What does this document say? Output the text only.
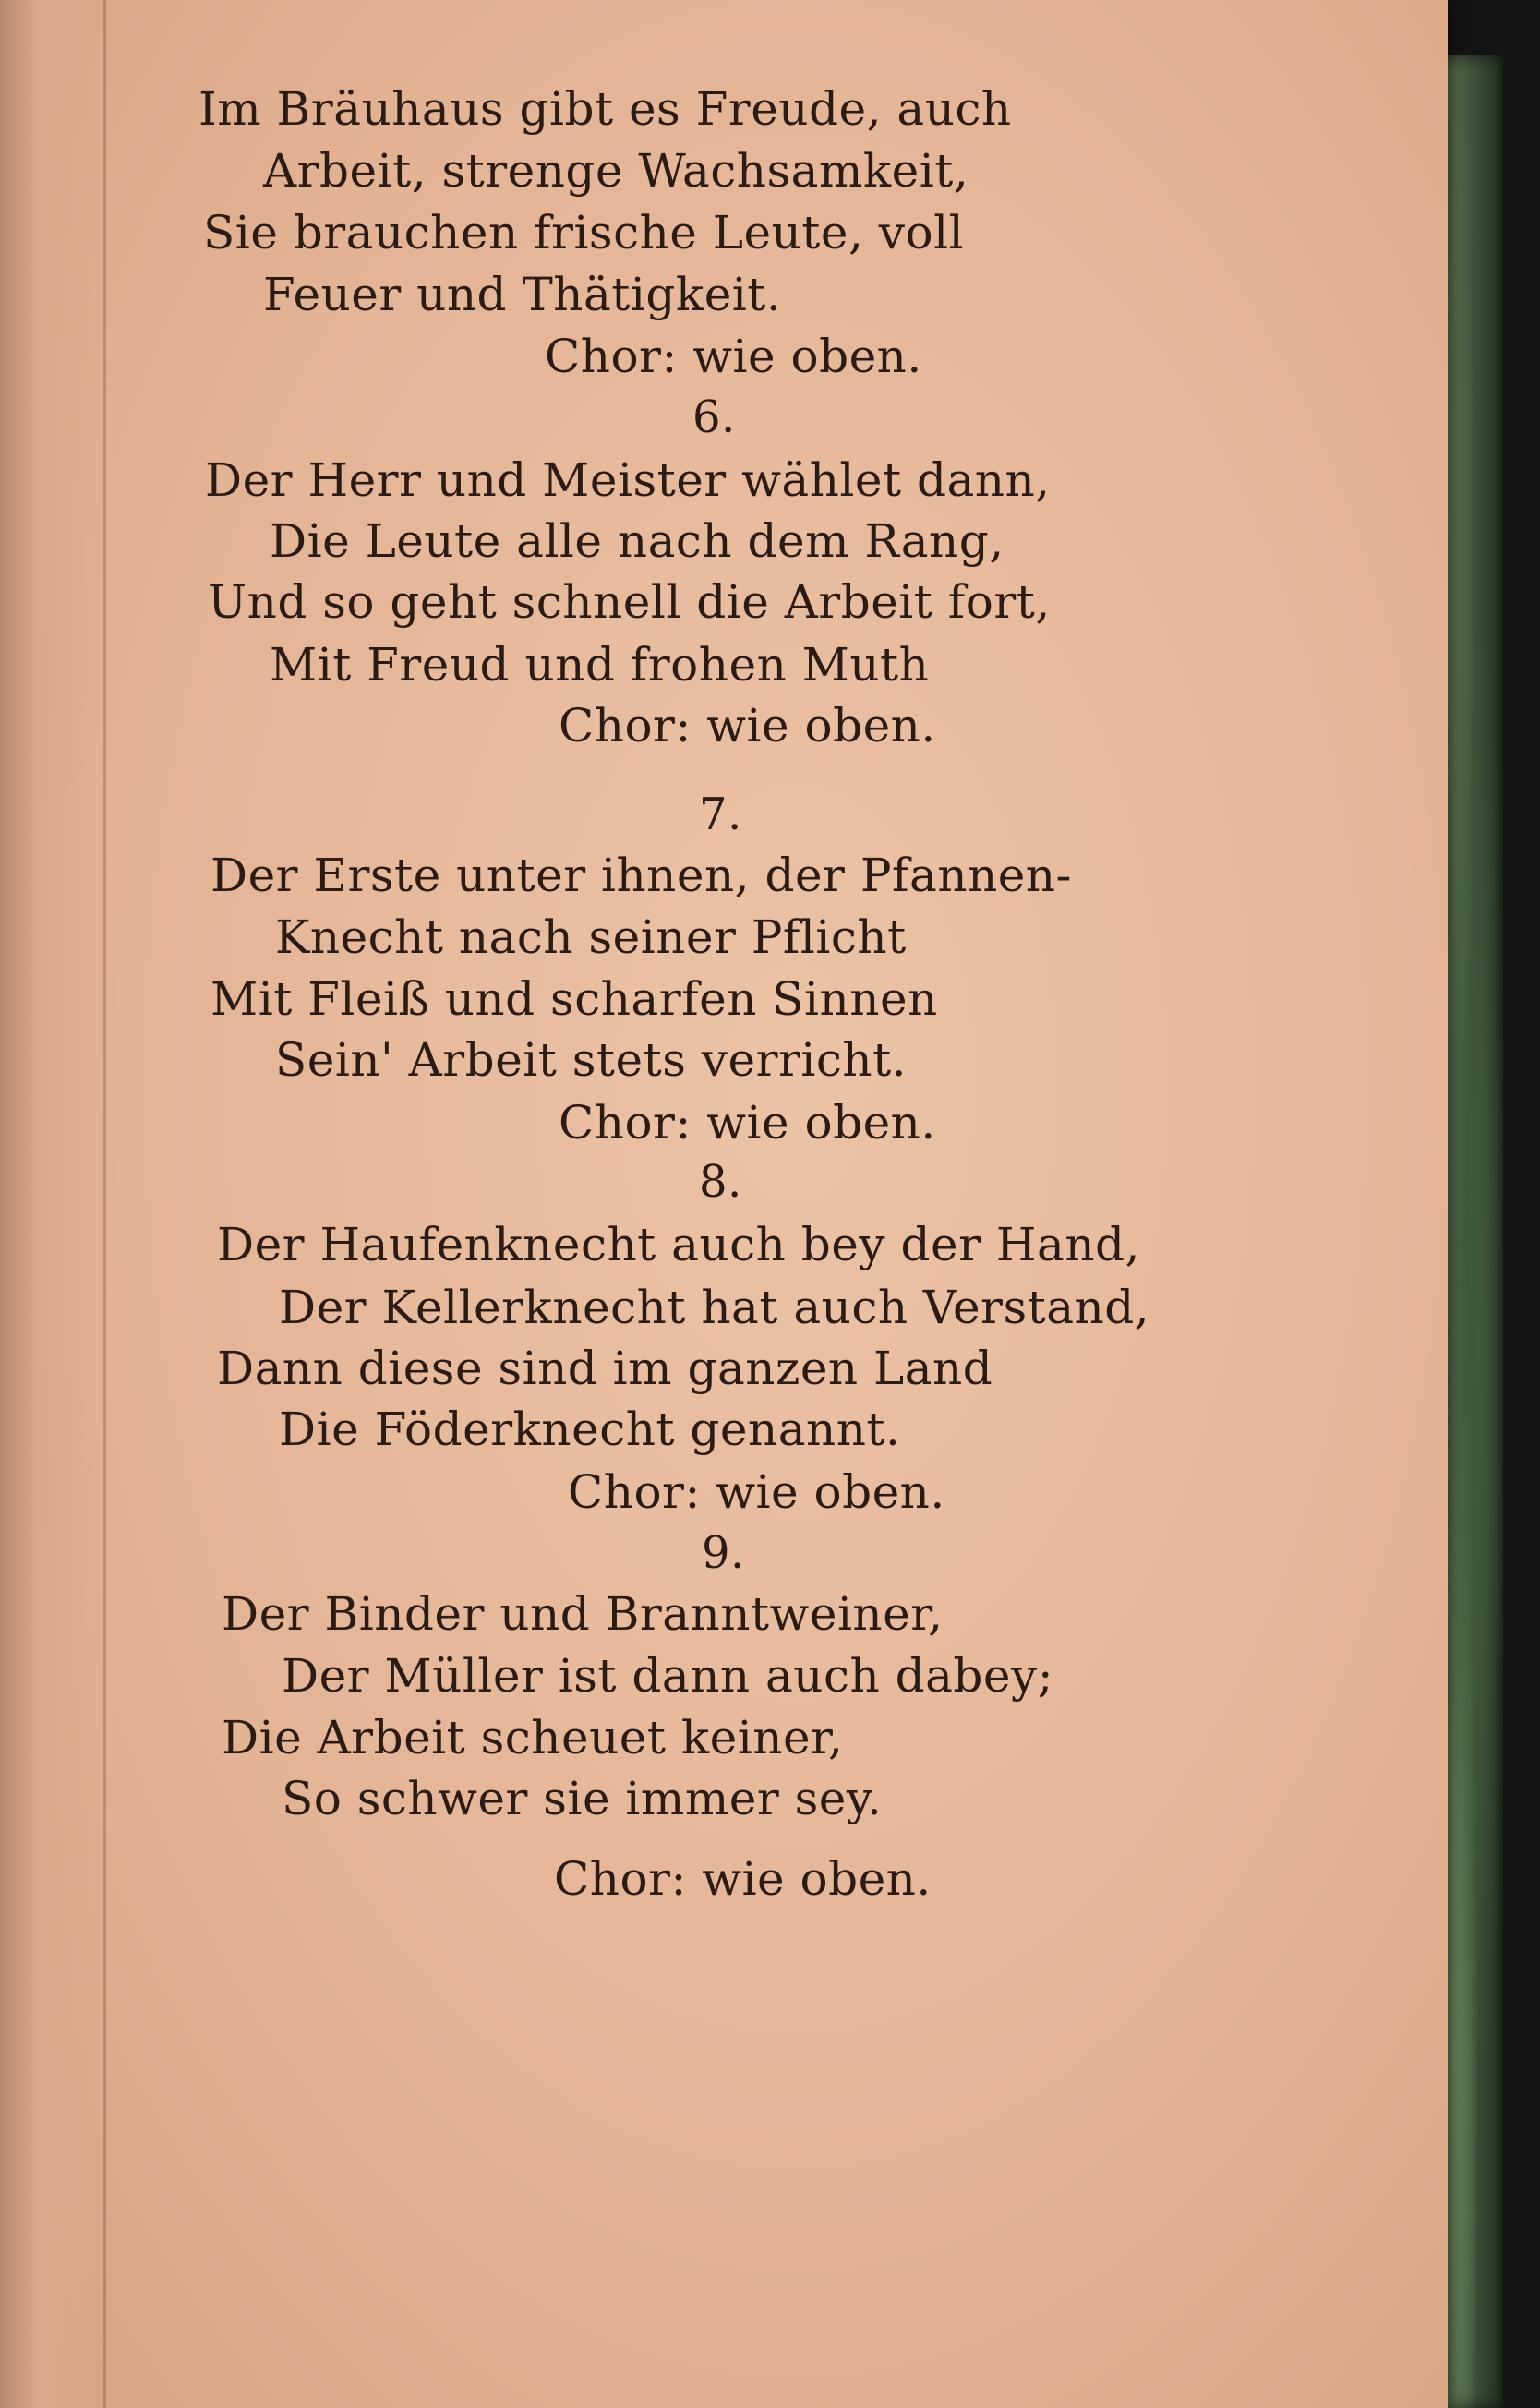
Im Bräuhaus gibt es Freude, auch

Arbeit, strenge Wachsamkeit,

Sie brauchen frische Leute, voll

Feuer und Thätigkeit.

Chor: wie oben.

6.

Der Herr und Meister wählet dann,

Die Leute alle nach dem Rang,

Und so geht schnell die Arbeit fort,

Mit Freud und frohen Muth

Chor: wie oben.

7.

Der Erste unter ihnen, der Pfannen-

Knecht nach seiner Pflicht

Mit Fleiß und scharfen Sinnen

Sein' Arbeit stets verricht.

Chor: wie oben.

8.

Der Haufenknecht auch bey der Hand,

Der Kellerknecht hat auch Verstand,

Dann diese sind im ganzen Land

Die Föderknecht genannt.

Chor: wie oben.

9.

Der Binder und Branntweiner,

Der Müller ist dann auch dabey;

Die Arbeit scheuet keiner,

So schwer sie immer sey.

Chor: wie oben.
